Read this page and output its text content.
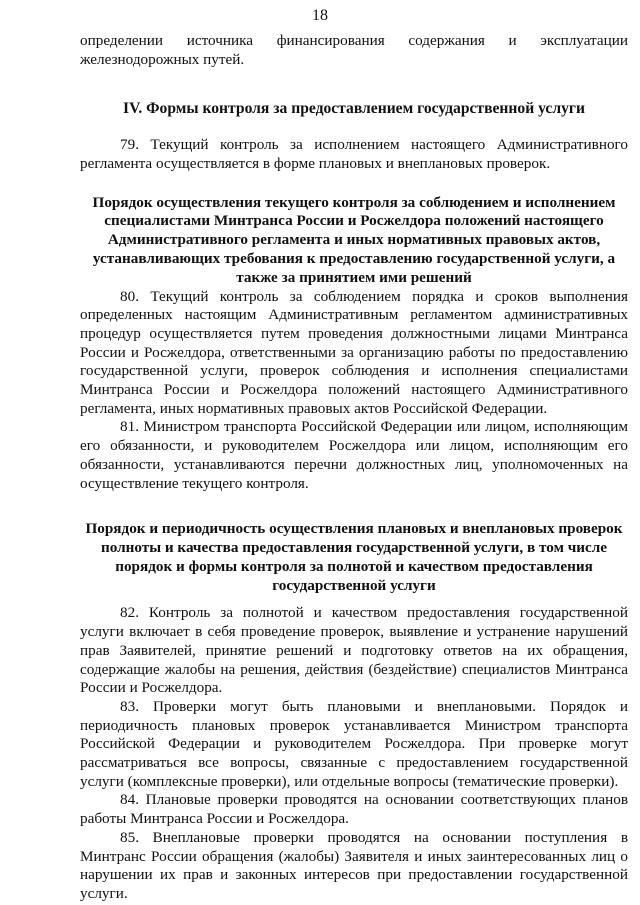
18

определении источника финансирования содержания и эксплуатации железнодорожных путей.

IV. Формы контроля за предоставлением государственной услуги

79. Текущий контроль за исполнением настоящего Административного регламента осуществляется в форме плановых и внеплановых проверок.

Порядок осуществления текущего контроля за соблюдением и исполнением специалистами Минтранса России и Росжелдора положений настоящего Административного регламента и иных нормативных правовых актов, устанавливающих требования к предоставлению государственной услуги, а также за принятием ими решений

80. Текущий контроль за соблюдением порядка и сроков выполнения определенных настоящим Административным регламентом административных процедур осуществляется путем проведения должностными лицами Минтранса России и Росжелдора, ответственными за организацию работы по предоставлению государственной услуги, проверок соблюдения и исполнения специалистами Минтранса России и Росжелдора положений настоящего Административного регламента, иных нормативных правовых актов Российской Федерации.

81. Министром транспорта Российской Федерации или лицом, исполняющим его обязанности, и руководителем Росжелдора или лицом, исполняющим его обязанности, устанавливаются перечни должностных лиц, уполномоченных на осуществление текущего контроля.

Порядок и периодичность осуществления плановых и внеплановых проверок полноты и качества предоставления государственной услуги, в том числе порядок и формы контроля за полнотой и качеством предоставления государственной услуги

82. Контроль за полнотой и качеством предоставления государственной услуги включает в себя проведение проверок, выявление и устранение нарушений прав Заявителей, принятие решений и подготовку ответов на их обращения, содержащие жалобы на решения, действия (бездействие) специалистов Минтранса России и Росжелдора.

83. Проверки могут быть плановыми и внеплановыми. Порядок и периодичность плановых проверок устанавливается Министром транспорта Российской Федерации и руководителем Росжелдора. При проверке могут рассматриваться все вопросы, связанные с предоставлением государственной услуги (комплексные проверки), или отдельные вопросы (тематические проверки).

84. Плановые проверки проводятся на основании соответствующих планов работы Минтранса России и Росжелдора.

85. Внеплановые проверки проводятся на основании поступления в Минтранс России обращения (жалобы) Заявителя и иных заинтересованных лиц о нарушении их прав и законных интересов при предоставлении государственной услуги.
